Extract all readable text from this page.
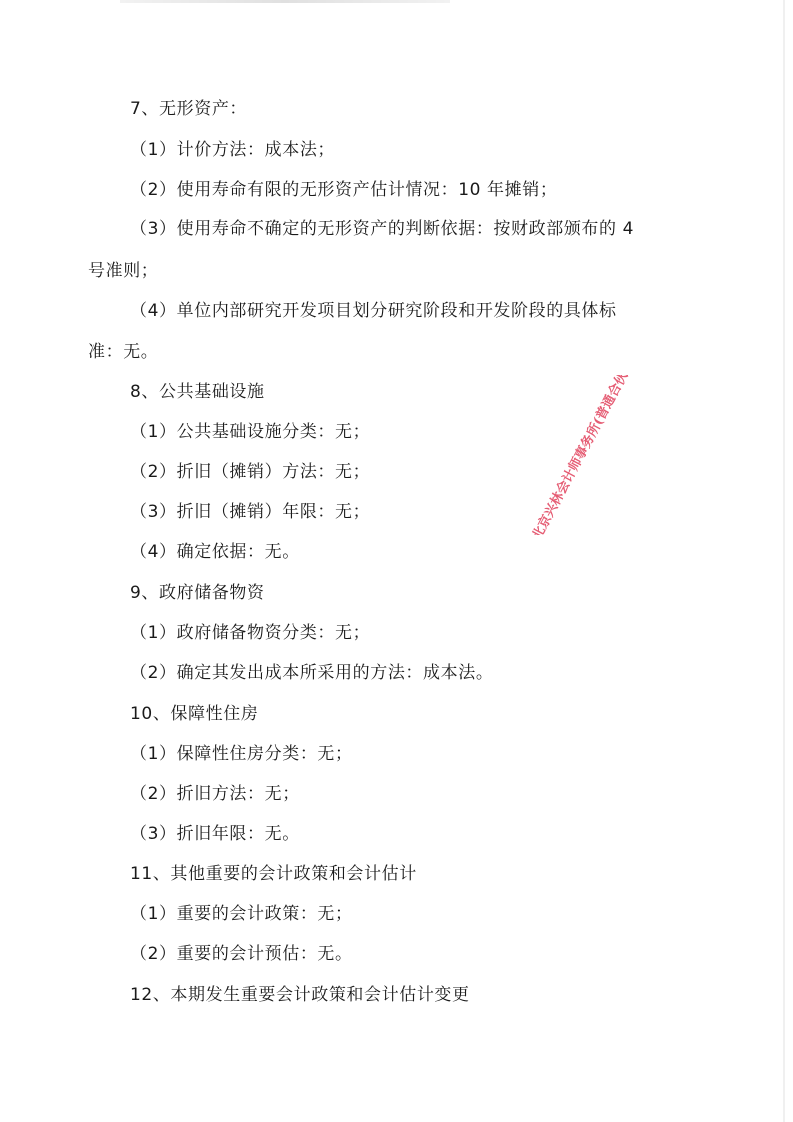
7、无形资产：
（1）计价方法：成本法；
（2）使用寿命有限的无形资产估计情况：10 年摊销；
（3）使用寿命不确定的无形资产的判断依据：按财政部颁布的 4
号准则；
（4）单位内部研究开发项目划分研究阶段和开发阶段的具体标
准：无。
8、公共基础设施
（1）公共基础设施分类：无；
（2）折旧（摊销）方法：无；
（3）折旧（摊销）年限：无；
（4）确定依据：无。
9、政府储备物资
（1）政府储备物资分类：无；
（2）确定其发出成本所采用的方法：成本法。
10、保障性住房
（1）保障性住房分类：无；
（2）折旧方法：无；
（3）折旧年限：无。
11、其他重要的会计政策和会计估计
（1）重要的会计政策：无；
（2）重要的会计预估：无。
12、本期发生重要会计政策和会计估计变更
北京兴林会计师事务所(普通合伙)
